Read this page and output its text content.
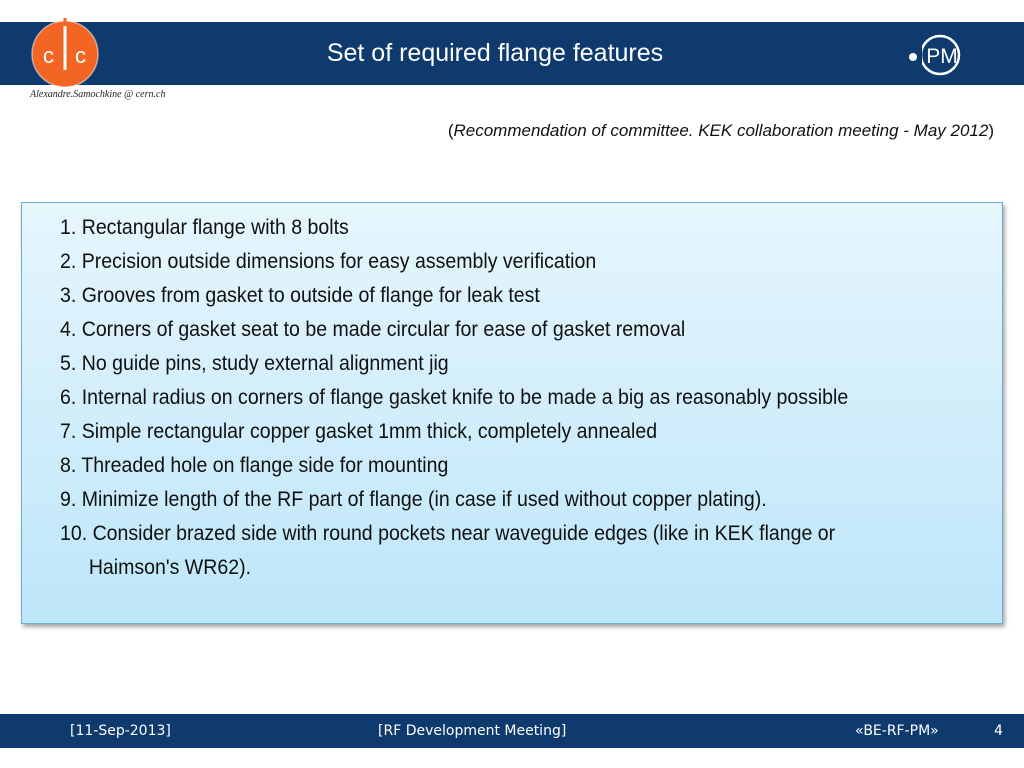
Set of required flange features
c l c	PM
Alexandre.Samochkine @ cern.ch
(Recommendation of committee. KEK collaboration meeting - May 2012)
1. Rectangular flange with 8 bolts
2. Precision outside dimensions for easy assembly verification
3. Grooves from gasket to outside of flange for leak test
4. Corners of gasket seat to be made circular for ease of gasket removal
5. No guide pins, study external alignment jig
6. Internal radius on corners of flange gasket knife to be made a big as reasonably possible
7. Simple rectangular copper gasket 1mm thick, completely annealed
8. Threaded hole on flange side for mounting
9. Minimize length of the RF part of flange (in case if used without copper plating).
10. Consider brazed side with round pockets near waveguide edges (like in KEK flange or Haimson's WR62).
[11-Sep-2013]	[RF Development Meeting]	«BE-RF-PM»	4
